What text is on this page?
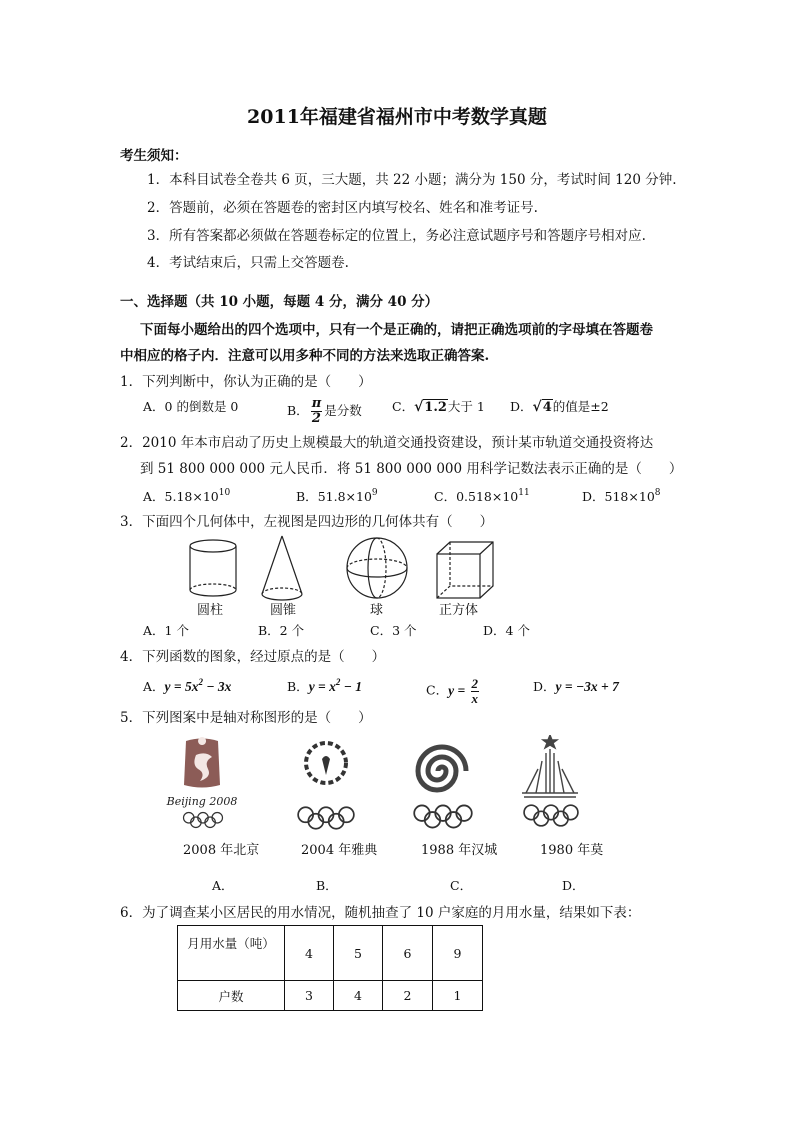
2011年福建省福州市中考数学真题
考生须知：
1．本科目试卷全卷共 6 页，三大题，共 22 小题；满分为 150 分，考试时间 120 分钟.
2．答题前，必须在答题卷的密封区内填写校名、姓名和准考证号.
3．所有答案都必须做在答题卷标定的位置上，务必注意试题序号和答题序号相对应.
4．考试结束后，只需上交答题卷.
一、选择题（共 10 小题，每题 4 分，满分 40 分）
下面每小题给出的四个选项中，只有一个是正确的，请把正确选项前的字母填在答题卷
中相应的格子内．注意可以用多种不同的方法来选取正确答案.
1．下列判断中，你认为正确的是（　　）
A．0 的倒数是 0	B． $\frac{\pi}{2}$ 是分数 C．√1.2大于 1 D．√4的值是±2
2．2010 年本市启动了历史上规模最大的轨道交通投资建设，预计某市轨道交通投资将达
到 51 800 000 000 元人民币．将 51 800 000 000 用科学记数法表示正确的是（　　）
A．$5.18\times 10^{10}$	B．$51.8\times 10^9$	C．$0.518\times 10^{11}$	D．$518\times 10^8$
3．下面四个几何体中，左视图是四边形的几何体共有（　　）
圆柱	圆锥	球	正方体
A．1 个	B．2 个	C．3 个	D．4 个
4．下列函数的图象，经过原点的是（　　）
A．$y = 5x^2 - 3x$	B．$y = x^2 - 1$	C．$y = \frac{2}{x}$	D．y = −3x + 7
5．下列图案中是轴对称图形的是（　　）
Beijing 2008
2008 年北京	2004 年雅典	1988 年汉城	1980 年莫
A．	B．	C．	D．
6．为了调查某小区居民的用水情况，随机抽查了 10 户家庭的月用水量，结果如下表：
月用水量（吨）	4	5	6	9
户数	3	4	2	1
